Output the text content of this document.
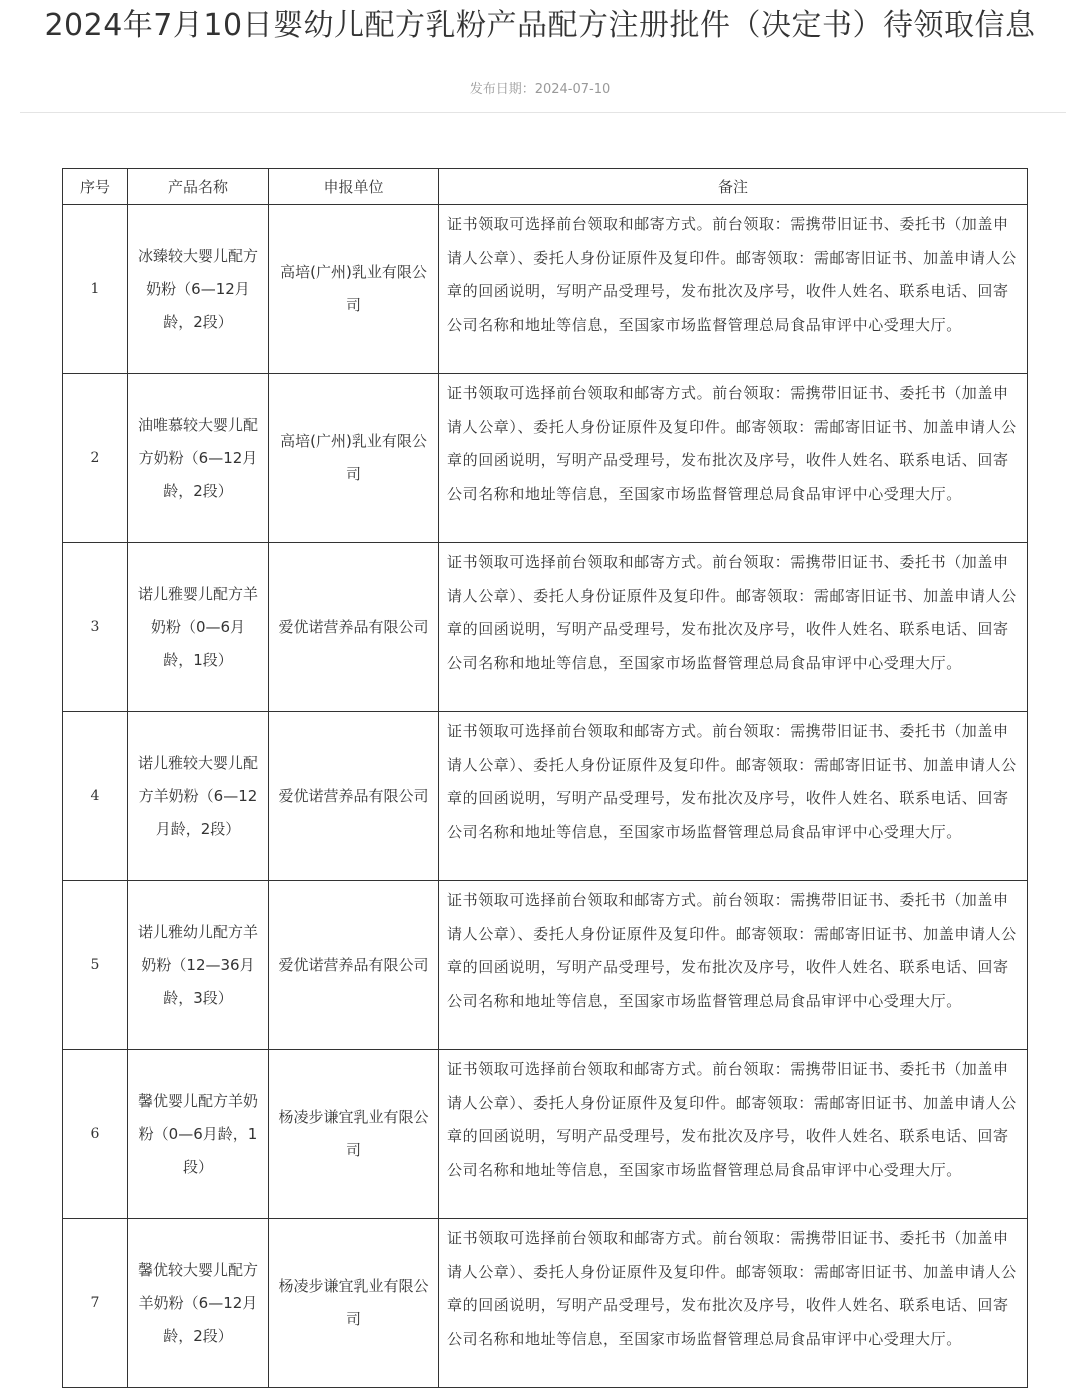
2024年7月10日婴幼儿配方乳粉产品配方注册批件（决定书）待领取信息
发布日期：2024-07-10
序号	产品名称	申报单位	备注
1	冰臻较大婴儿配方奶粉（6—12月龄，2段）	高培(广州)乳业有限公司	证书领取可选择前台领取和邮寄方式。前台领取：需携带旧证书、委托书（加盖申请人公章）、委托人身份证原件及复印件。邮寄领取：需邮寄旧证书、加盖申请人公章的回函说明，写明产品受理号，发布批次及序号，收件人姓名、联系电话、回寄公司名称和地址等信息，至国家市场监督管理总局食品审评中心受理大厅。
2	油唯慕较大婴儿配方奶粉（6—12月龄，2段）	高培(广州)乳业有限公司	证书领取可选择前台领取和邮寄方式。前台领取：需携带旧证书、委托书（加盖申请人公章）、委托人身份证原件及复印件。邮寄领取：需邮寄旧证书、加盖申请人公章的回函说明，写明产品受理号，发布批次及序号，收件人姓名、联系电话、回寄公司名称和地址等信息，至国家市场监督管理总局食品审评中心受理大厅。
3	诺儿雅婴儿配方羊奶粉（0—6月龄，1段）	爱优诺营养品有限公司	证书领取可选择前台领取和邮寄方式。前台领取：需携带旧证书、委托书（加盖申请人公章）、委托人身份证原件及复印件。邮寄领取：需邮寄旧证书、加盖申请人公章的回函说明，写明产品受理号，发布批次及序号，收件人姓名、联系电话、回寄公司名称和地址等信息，至国家市场监督管理总局食品审评中心受理大厅。
4	诺儿雅较大婴儿配方羊奶粉（6—12月龄，2段）	爱优诺营养品有限公司	证书领取可选择前台领取和邮寄方式。前台领取：需携带旧证书、委托书（加盖申请人公章）、委托人身份证原件及复印件。邮寄领取：需邮寄旧证书、加盖申请人公章的回函说明，写明产品受理号，发布批次及序号，收件人姓名、联系电话、回寄公司名称和地址等信息，至国家市场监督管理总局食品审评中心受理大厅。
5	诺儿雅幼儿配方羊奶粉（12—36月龄，3段）	爱优诺营养品有限公司	证书领取可选择前台领取和邮寄方式。前台领取：需携带旧证书、委托书（加盖申请人公章）、委托人身份证原件及复印件。邮寄领取：需邮寄旧证书、加盖申请人公章的回函说明，写明产品受理号，发布批次及序号，收件人姓名、联系电话、回寄公司名称和地址等信息，至国家市场监督管理总局食品审评中心受理大厅。
6	馨优婴儿配方羊奶粉（0—6月龄，1段）	杨凌步谦宜乳业有限公司	证书领取可选择前台领取和邮寄方式。前台领取：需携带旧证书、委托书（加盖申请人公章）、委托人身份证原件及复印件。邮寄领取：需邮寄旧证书、加盖申请人公章的回函说明，写明产品受理号，发布批次及序号，收件人姓名、联系电话、回寄公司名称和地址等信息，至国家市场监督管理总局食品审评中心受理大厅。
7	馨优较大婴儿配方羊奶粉（6—12月龄，2段）	杨凌步谦宜乳业有限公司	证书领取可选择前台领取和邮寄方式。前台领取：需携带旧证书、委托书（加盖申请人公章）、委托人身份证原件及复印件。邮寄领取：需邮寄旧证书、加盖申请人公章的回函说明，写明产品受理号，发布批次及序号，收件人姓名、联系电话、回寄公司名称和地址等信息，至国家市场监督管理总局食品审评中心受理大厅。
